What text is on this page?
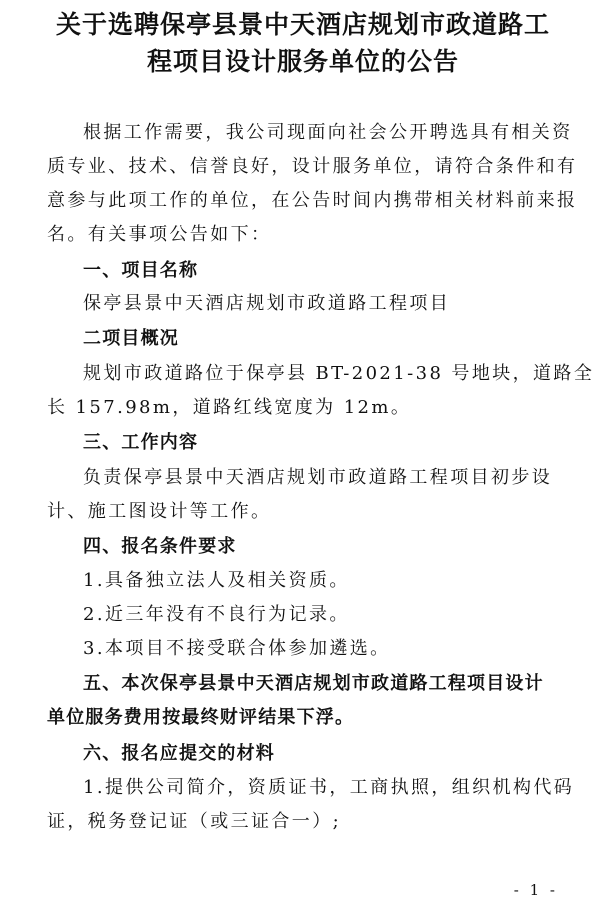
关于选聘保亭县景中天酒店规划市政道路工
程项目设计服务单位的公告
根据工作需要，我公司现面向社会公开聘选具有相关资
质专业、技术、信誉良好，设计服务单位，请符合条件和有
意参与此项工作的单位，在公告时间内携带相关材料前来报
名。有关事项公告如下：
一、项目名称
保亭县景中天酒店规划市政道路工程项目
二项目概况
规划市政道路位于保亭县 BT-2021-38 号地块，道路全
长 157.98m，道路红线宽度为 12m。
三、工作内容
负责保亭县景中天酒店规划市政道路工程项目初步设
计、施工图设计等工作。
四、报名条件要求
1.具备独立法人及相关资质。
2.近三年没有不良行为记录。
3.本项目不接受联合体参加遴选。
五、本次保亭县景中天酒店规划市政道路工程项目设计
单位服务费用按最终财评结果下浮。
六、报名应提交的材料
1.提供公司简介，资质证书，工商执照，组织机构代码
证，税务登记证（或三证合一）;
- 1 -
